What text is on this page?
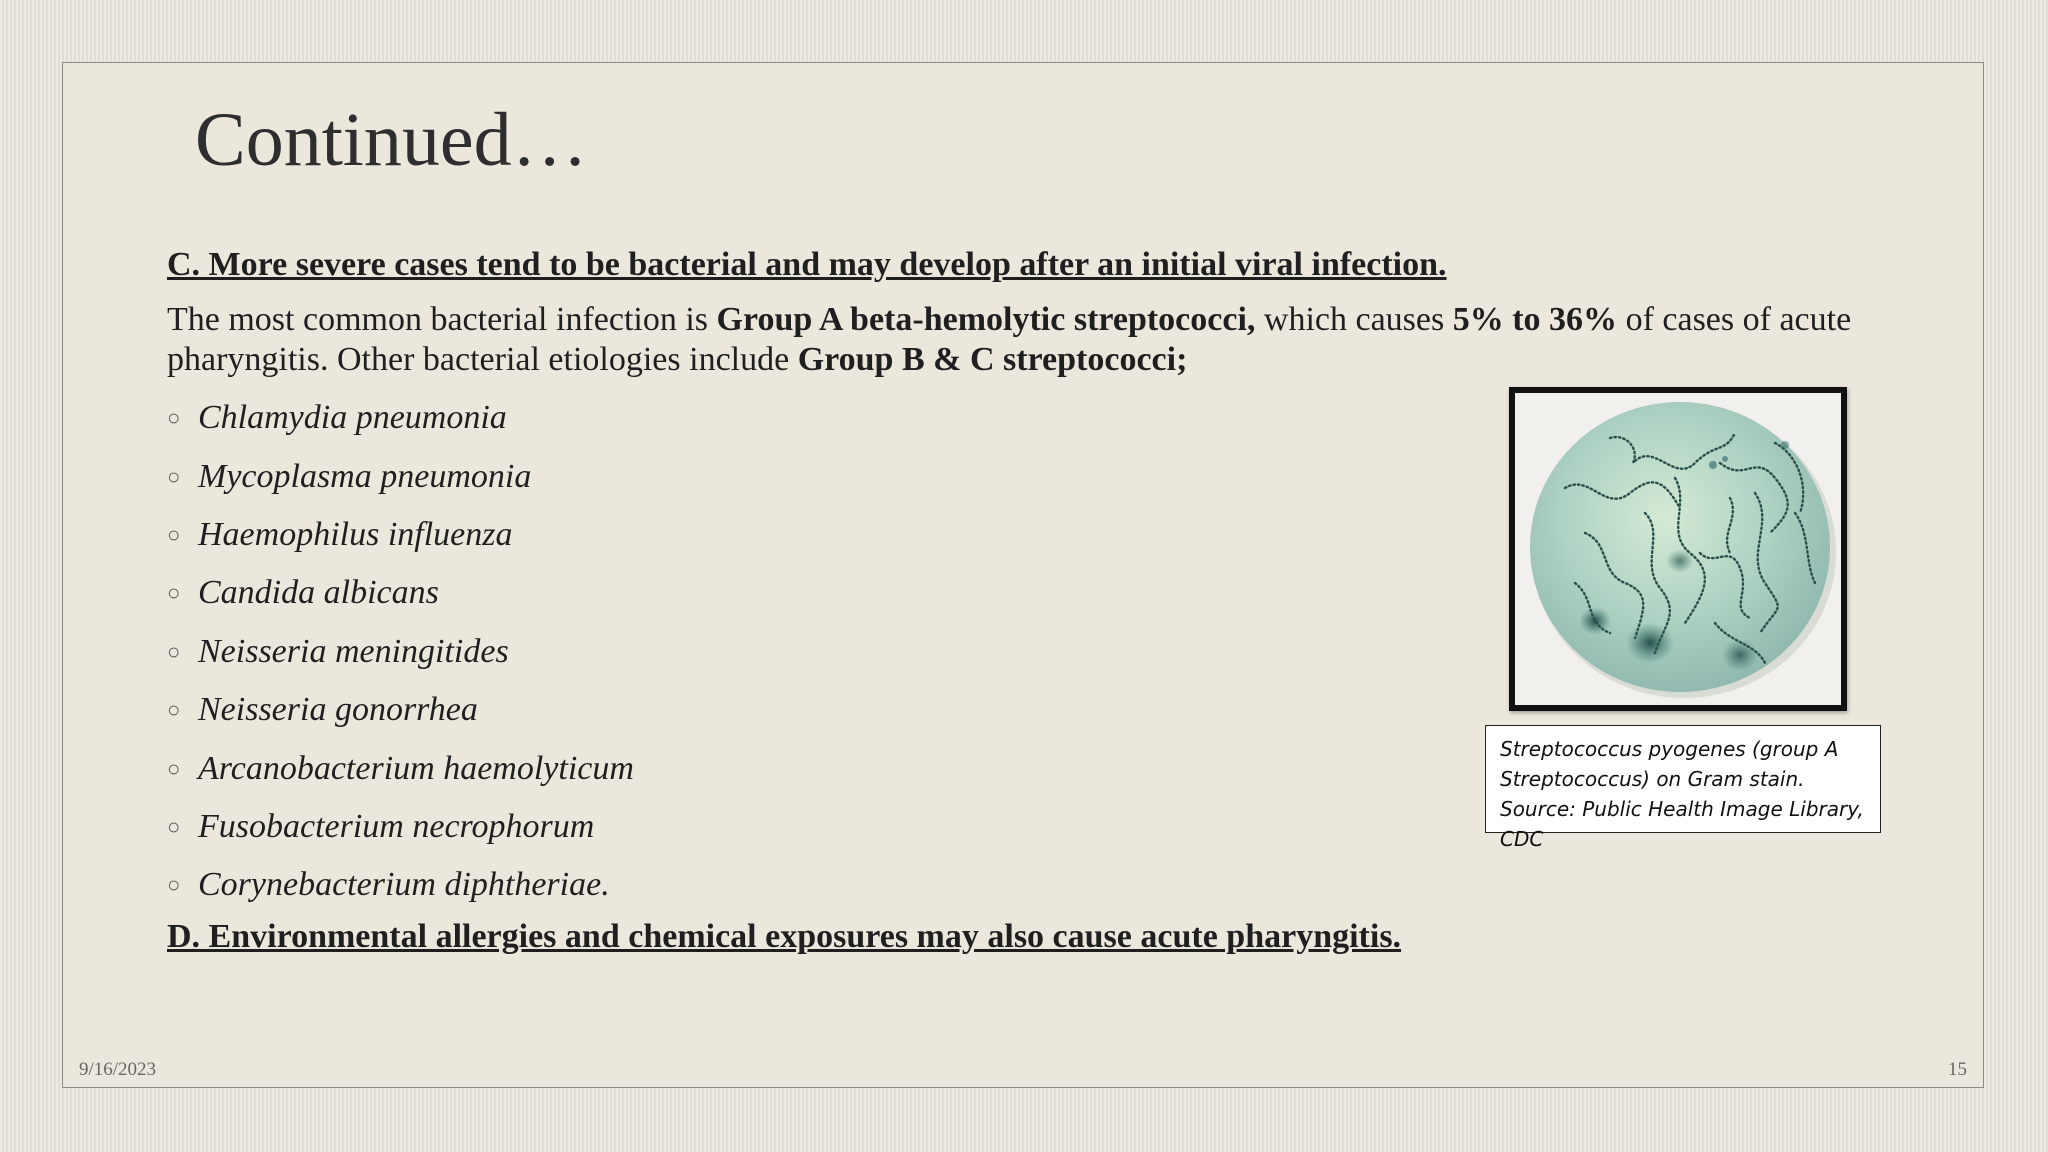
Continued…

C. More severe cases tend to be bacterial and may develop after an initial viral infection.

The most common bacterial infection is Group A beta-hemolytic streptococci, which causes 5% to 36% of cases of acute pharyngitis. Other bacterial etiologies include Group B & C streptococci;

○ Chlamydia pneumonia
○ Mycoplasma pneumonia
○ Haemophilus influenza
○ Candida albicans
○ Neisseria meningitides
○ Neisseria gonorrhea
○ Arcanobacterium haemolyticum
○ Fusobacterium necrophorum
○ Corynebacterium diphtheriae.

D. Environmental allergies and chemical exposures may also cause acute pharyngitis.

Streptococcus pyogenes (group A Streptococcus) on Gram stain. Source: Public Health Image Library, CDC
9/16/2023	15
